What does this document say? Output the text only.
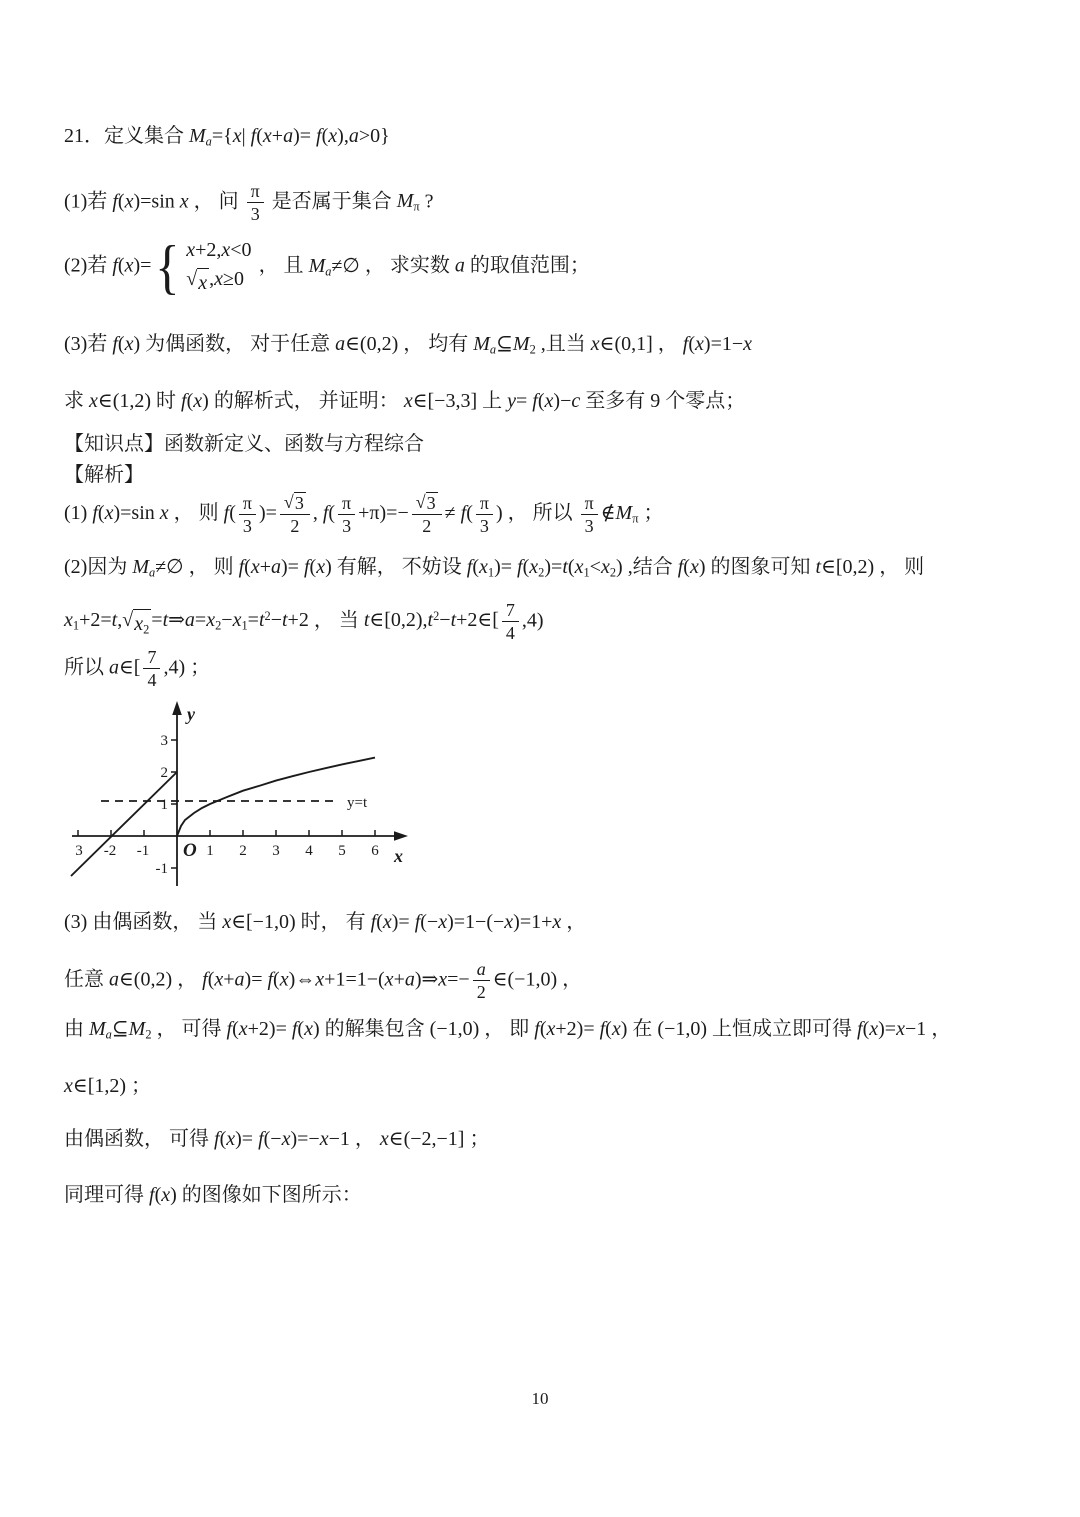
21．定义集合 $M_a=\{x|$ f(x+a)= f(x),a>0}
(1)若 f(x)=sin x ， 问 $\frac{\pi}{3}$ 是否属于集合 $M_\pi$ ?
(2)若 f(x)= { x+2,x<0
√ x ,x≥0
， 且 $M_a\ne\emptyset$ ， 求实数 a 的取值范围；
(3)若 f(x) 为偶函数， 对于任意 a∈(0,2) ， 均有 $M_a⊆M_2$ ,且当 x∈(0,1] ， f(x)=1−x
求 x∈(1,2) 时 f(x) 的解析式， 并证明： x∈[−3,3] 上 y= f(x)−c 至多有 9 个零点；
【知识点】函数新定义、函数与方程综合
【解析】
(1) f(x)=sin x ， 则 $f( \frac{\pi}{3}$ )= $\frac{√ 3}{2}$ , $f( \frac{\pi}{3} +\pi)=- \frac{√ 3}{2} \ne f( \frac{\pi}{3}$ ) ， 所以 $\frac{\pi}{3}$ $\notin M_\pi$ ；
(2)因为 $M_a\ne\emptyset$ ， 则 f(x+a)= f(x) 有解， 不妨设 $f(x_1)= f(x_2)=t(x_1<x_2)$ ,结合 f(x) 的图象可知 t∈[0,2) ， 则
$x_1+2=t$, √ $x_2$ $=t\Rightarrow a=x_2-x_1=t^2-t+2$ ， 当 $t\in[0,2),t^2-t+2\in[ \frac{7}{4} ,4)$
所以 a∈[ $\frac{7}{4} ,4$) ；
y
x
O
y=t
3 -2 -1	1 2 3 4 5 6
3
2
1
-1
(3) 由偶函数， 当 x∈[−1,0) 时， 有 f(x)= f(−x)=1−(−x)=1+x ，
任意 a∈(0,2) ， f(x+a)= f(x)⇔x+1=1−(x+a)⇒x=− $\frac{a}{2}$ ∈(−1,0) ，
由 $M_a⊆M_2$ ， 可得 f(x+2)= f(x) 的解集包含 (−1,0) ， 即 f(x+2)= f(x) 在 (−1,0) 上恒成立即可得 f(x)=x−1 ，
x∈[1,2) ；
由偶函数， 可得 f(x)= f(−x)=−x−1 ， x∈(−2,−1] ；
同理可得 f(x) 的图像如下图所示：
10
